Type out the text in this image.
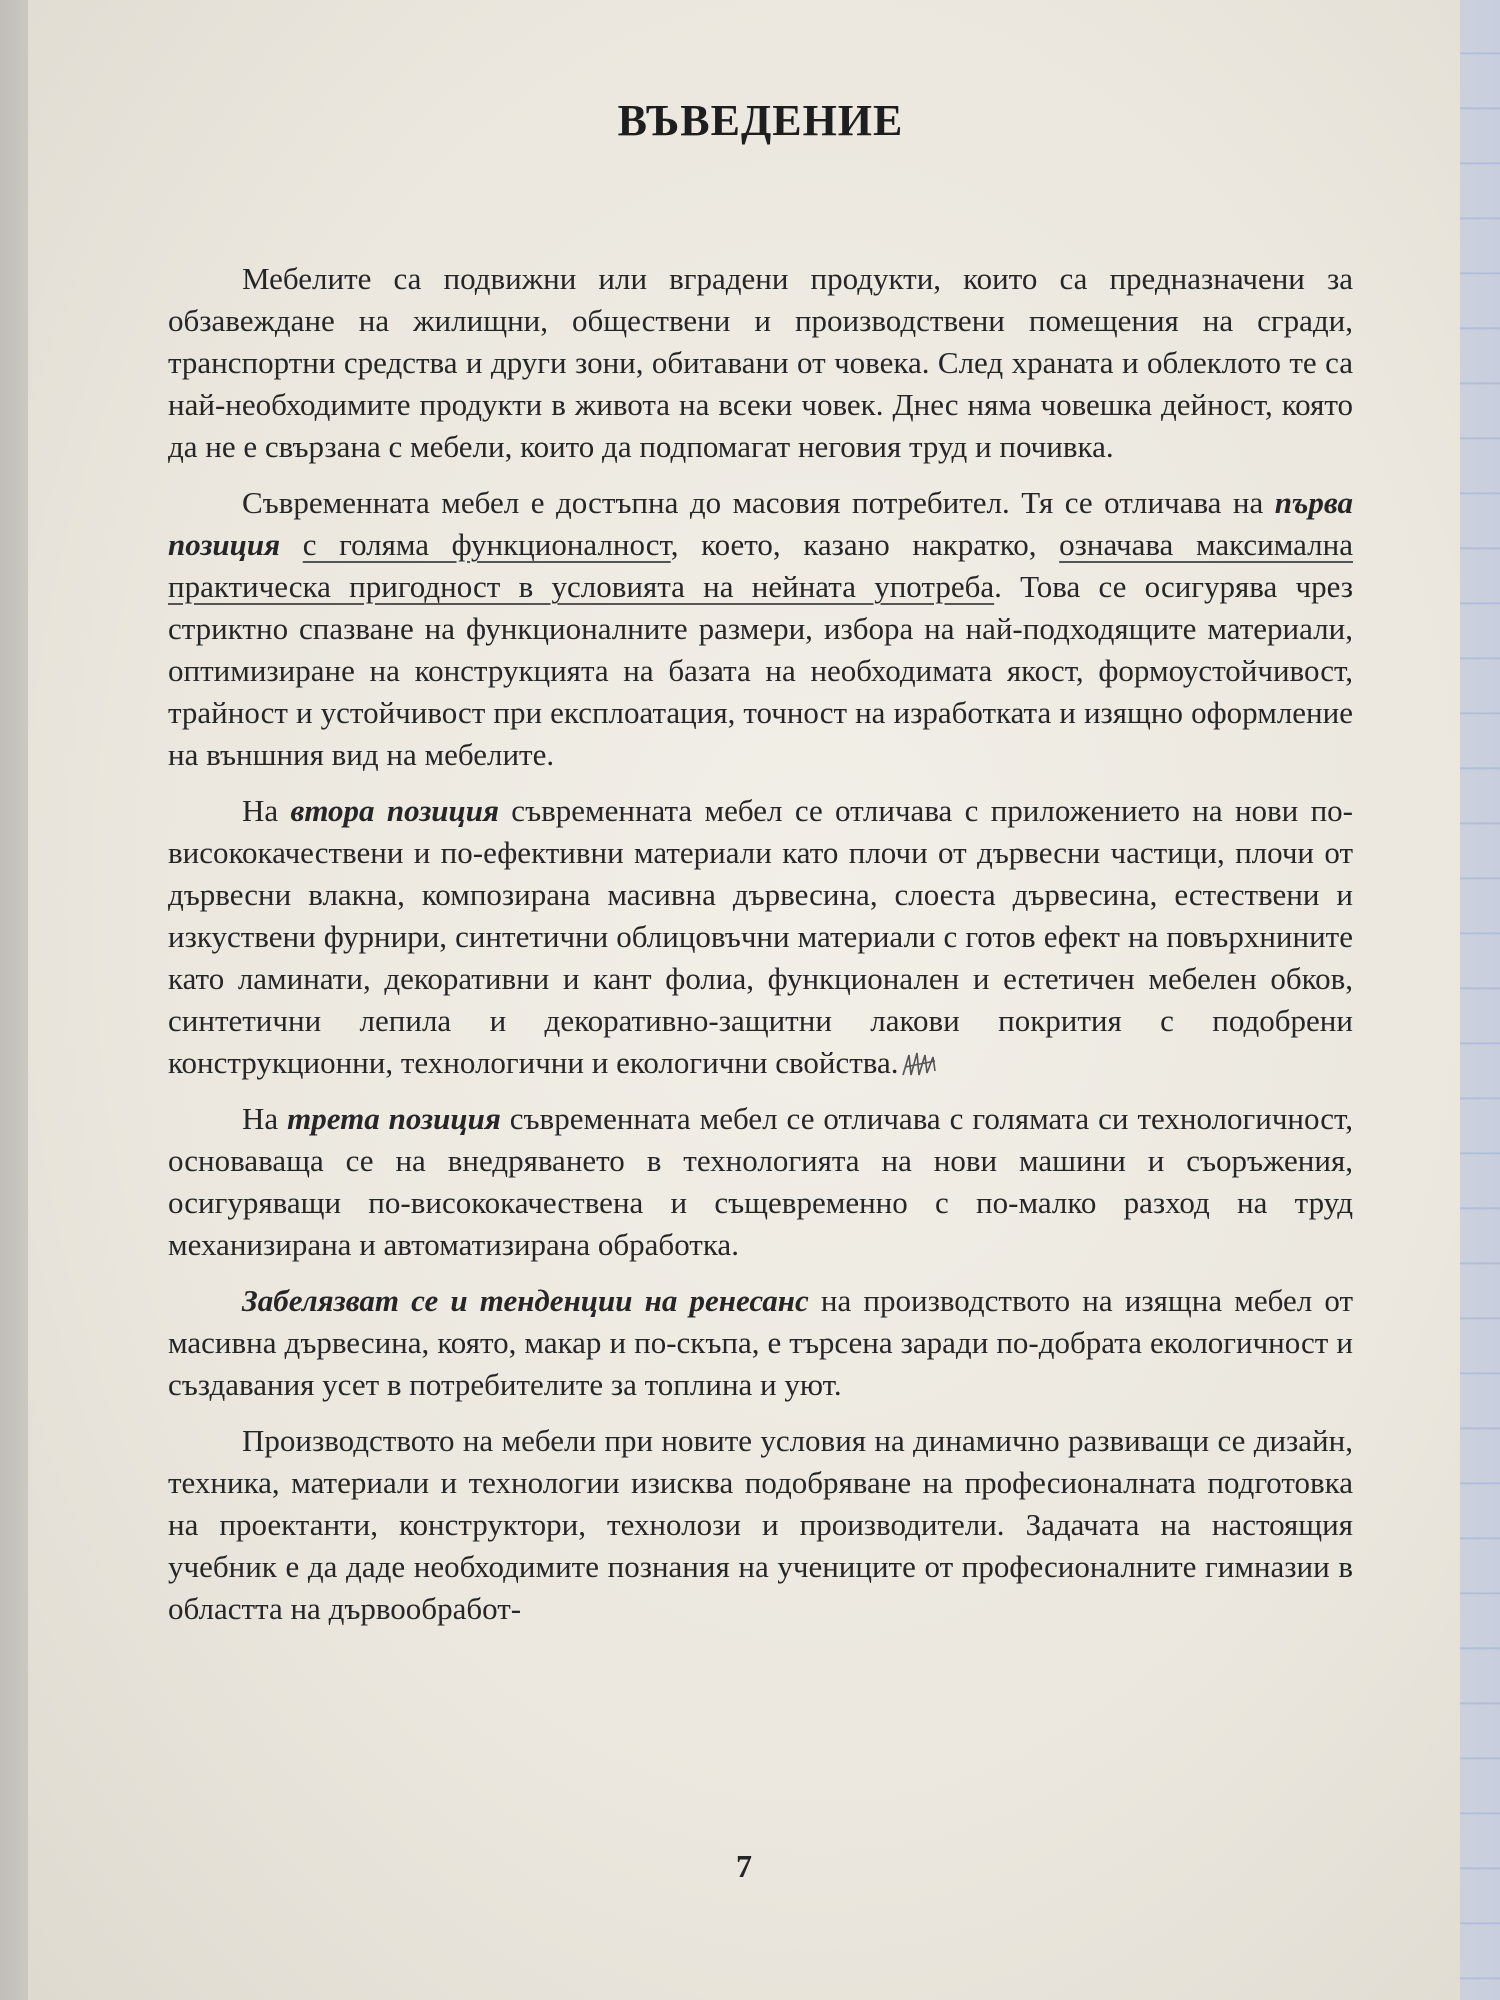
ВЪВЕДЕНИЕ

Мебелите са подвижни или вградени продукти, които са предназначени за обзавеждане на жилищни, обществени и производствени помещения на сгради, транспортни средства и други зони, обитавани от човека. След храната и облеклото те са най-необходимите продукти в живота на всеки човек. Днес няма човешка дейност, която да не е свързана с мебели, които да подпомагат неговия труд и почивка.

Съвременната мебел е достъпна до масовия потребител. Тя се отличава на първа позиция с голяма функционалност, което, казано накратко, означава максимална практическа пригодност в условията на нейната употреба. Това се осигурява чрез стриктно спазване на функционалните размери, избора на най-подходящите материали, оптимизиране на конструкцията на базата на необходимата якост, формоустойчивост, трайност и устойчивост при експлоатация, точност на изработката и изящно оформление на външния вид на мебелите.

На втора позиция съвременната мебел се отличава с приложението на нови по-висококачествени и по-ефективни материали като плочи от дървесни частици, плочи от дървесни влакна, композирана масивна дървесина, слоеста дървесина, естествени и изкуствени фурнири, синтетични облицовъчни материали с готов ефект на повърхнините като ламинати, декоративни и кант фолиа, функционален и естетичен мебелен обков, синтетични лепила и декоративно-защитни лакови покрития с подобрени конструкционни, технологични и екологични свойства.

На трета позиция съвременната мебел се отличава с голямата си технологичност, основаваща се на внедряването в технологията на нови машини и съоръжения, осигуряващи по-висококачествена и същевременно с по-малко разход на труд механизирана и автоматизирана обработка.

Забелязват се и тенденции на ренесанс на производството на изящна мебел от масивна дървесина, която, макар и по-скъпа, е търсена заради по-добрата екологичност и създавания усет в потребителите за топлина и уют.

Производството на мебели при новите условия на динамично развиващи се дизайн, техника, материали и технологии изисква подобряване на професионалната подготовка на проектанти, конструктори, технолози и производители. Задачата на настоящия учебник е да даде необходимите познания на учениците от професионалните гимназии в областта на дървообработ-

7
